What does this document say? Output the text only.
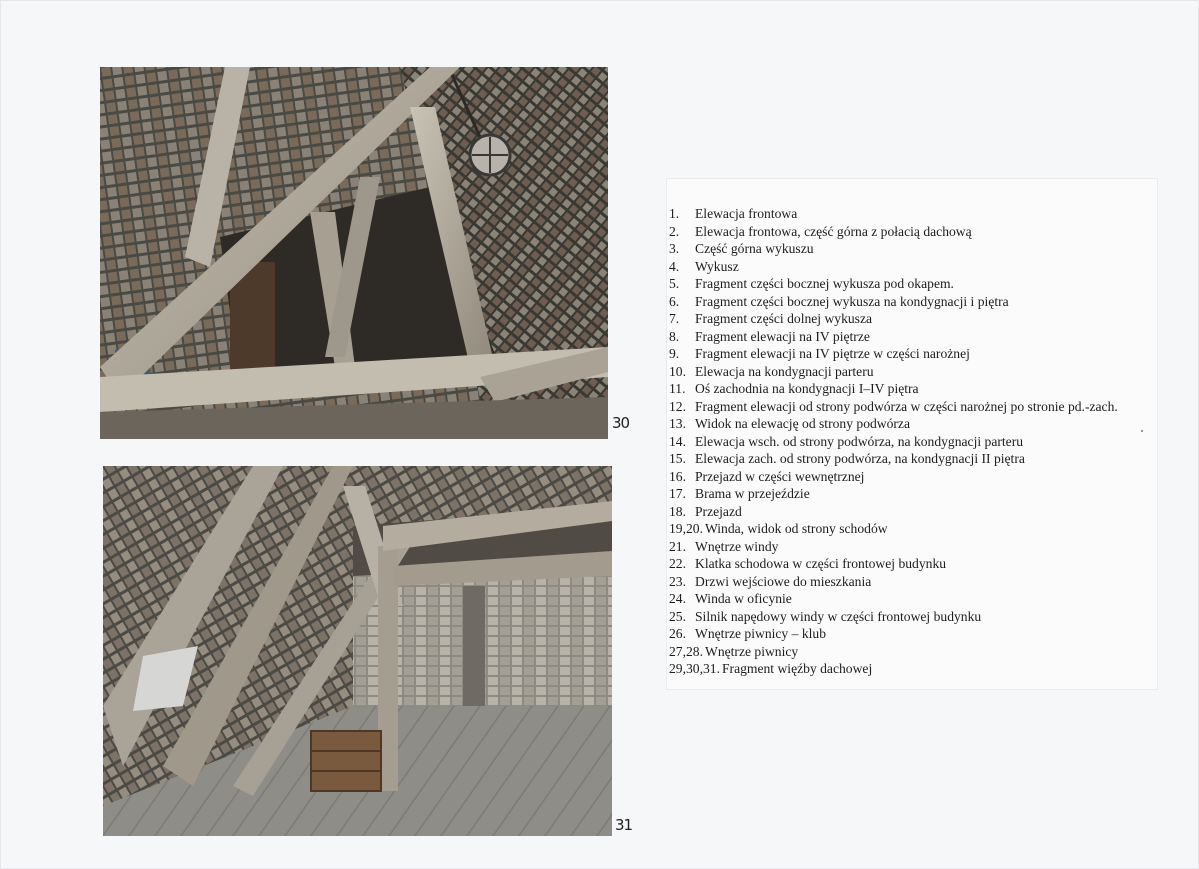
30
31
1.	Elewacja frontowa
2.	Elewacja frontowa, część górna z połacią dachową
3.	Część górna wykuszu
4.	Wykusz
5.	Fragment części bocznej wykusza pod okapem.
6.	Fragment części bocznej wykusza na kondygnacji i piętra
7.	Fragment części dolnej wykusza
8.	Fragment elewacji na IV piętrze
9.	Fragment elewacji na IV piętrze w części narożnej
10. Elewacja na kondygnacji parteru
11. Oś zachodnia na kondygnacji I–IV piętra
12. Fragment elewacji od strony podwórza w części narożnej po stronie pd.-zach.
13. Widok na elewację od strony podwórza
14. Elewacja wsch. od strony podwórza, na kondygnacji parteru
15. Elewacja zach. od strony podwórza, na kondygnacji II piętra
16. Przejazd w części wewnętrznej
17. Brama w przejeździe
18. Przejazd
19,20. Winda, widok od strony schodów
21. Wnętrze windy
22. Klatka schodowa w części frontowej budynku
23. Drzwi wejściowe do mieszkania
24. Winda w oficynie
25. Silnik napędowy windy w części frontowej budynku
26. Wnętrze piwnicy – klub
27,28. Wnętrze piwnicy
29,30,31. Fragment więźby dachowej
